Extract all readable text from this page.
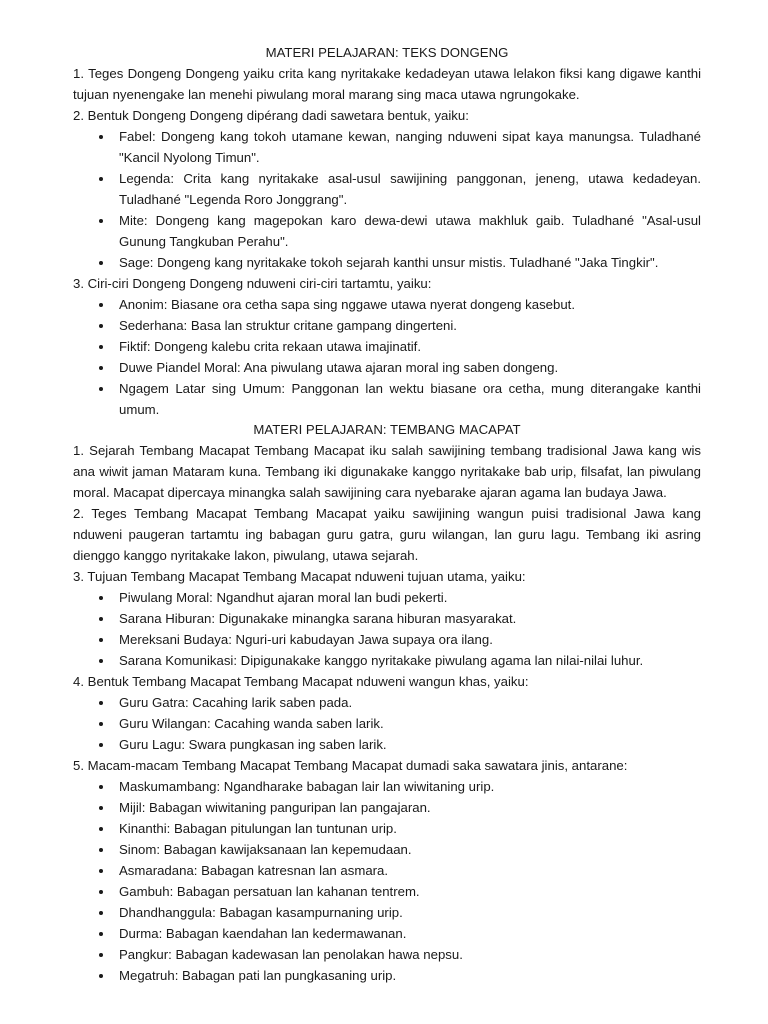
MATERI PELAJARAN: TEKS DONGENG

1. Teges Dongeng Dongeng yaiku crita kang nyritakake kedadeyan utawa lelakon fiksi kang digawe kanthi tujuan nyenengake lan menehi piwulang moral marang sing maca utawa ngrungokake.

2. Bentuk Dongeng Dongeng dipérang dadi sawetara bentuk, yaiku:

Fabel: Dongeng kang tokoh utamane kewan, nanging nduweni sipat kaya manungsa. Tuladhané "Kancil Nyolong Timun".
Legenda: Crita kang nyritakake asal-usul sawijining panggonan, jeneng, utawa kedadeyan. Tuladhané "Legenda Roro Jonggrang".
Mite: Dongeng kang magepokan karo dewa-dewi utawa makhluk gaib. Tuladhané "Asal-usul Gunung Tangkuban Perahu".
Sage: Dongeng kang nyritakake tokoh sejarah kanthi unsur mistis. Tuladhané "Jaka Tingkir".

3. Ciri-ciri Dongeng Dongeng nduweni ciri-ciri tartamtu, yaiku:

Anonim: Biasane ora cetha sapa sing nggawe utawa nyerat dongeng kasebut.
Sederhana: Basa lan struktur critane gampang dingerteni.
Fiktif: Dongeng kalebu crita rekaan utawa imajinatif.
Duwe Piandel Moral: Ana piwulang utawa ajaran moral ing saben dongeng.
Ngagem Latar sing Umum: Panggonan lan wektu biasane ora cetha, mung diterangake kanthi umum.

MATERI PELAJARAN: TEMBANG MACAPAT

1. Sejarah Tembang Macapat Tembang Macapat iku salah sawijining tembang tradisional Jawa kang wis ana wiwit jaman Mataram kuna. Tembang iki digunakake kanggo nyritakake bab urip, filsafat, lan piwulang moral. Macapat dipercaya minangka salah sawijining cara nyebarake ajaran agama lan budaya Jawa.

2. Teges Tembang Macapat Tembang Macapat yaiku sawijining wangun puisi tradisional Jawa kang nduweni paugeran tartamtu ing babagan guru gatra, guru wilangan, lan guru lagu. Tembang iki asring dienggo kanggo nyritakake lakon, piwulang, utawa sejarah.

3. Tujuan Tembang Macapat Tembang Macapat nduweni tujuan utama, yaiku:

Piwulang Moral: Ngandhut ajaran moral lan budi pekerti.
Sarana Hiburan: Digunakake minangka sarana hiburan masyarakat.
Mereksani Budaya: Nguri-uri kabudayan Jawa supaya ora ilang.
Sarana Komunikasi: Dipigunakake kanggo nyritakake piwulang agama lan nilai-nilai luhur.

4. Bentuk Tembang Macapat Tembang Macapat nduweni wangun khas, yaiku:

Guru Gatra: Cacahing larik saben pada.
Guru Wilangan: Cacahing wanda saben larik.
Guru Lagu: Swara pungkasan ing saben larik.

5. Macam-macam Tembang Macapat Tembang Macapat dumadi saka sawatara jinis, antarane:

Maskumambang: Ngandharake babagan lair lan wiwitaning urip.
Mijil: Babagan wiwitaning panguripan lan pangajaran.
Kinanthi: Babagan pitulungan lan tuntunan urip.
Sinom: Babagan kawijaksanaan lan kepemudaan.
Asmaradana: Babagan katresnan lan asmara.
Gambuh: Babagan persatuan lan kahanan tentrem.
Dhandhanggula: Babagan kasampurnaning urip.
Durma: Babagan kaendahan lan kedermawanan.
Pangkur: Babagan kadewasan lan penolakan hawa nepsu.
Megatruh: Babagan pati lan pungkasaning urip.
